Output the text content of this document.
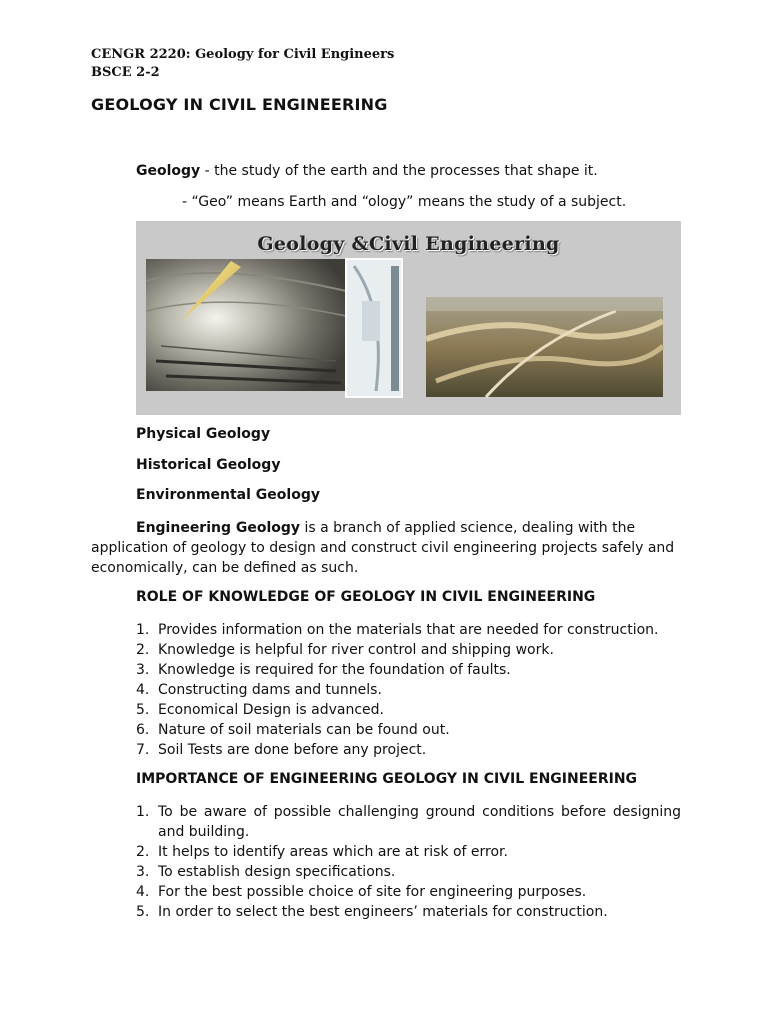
CENGR 2220: Geology for Civil Engineers
BSCE 2-2
GEOLOGY IN CIVIL ENGINEERING
Geology - the study of the earth and the processes that shape it.
- “Geo” means Earth and “ology” means the study of a subject.
Geology &Civil Engineering
Physical Geology
Historical Geology
Environmental Geology
Engineering Geology is a branch of applied science, dealing with the application of geology to design and construct civil engineering projects safely and economically, can be defined as such.
ROLE OF KNOWLEDGE OF GEOLOGY IN CIVIL ENGINEERING
1. Provides information on the materials that are needed for construction.
2. Knowledge is helpful for river control and shipping work.
3. Knowledge is required for the foundation of faults.
4. Constructing dams and tunnels.
5. Economical Design is advanced.
6. Nature of soil materials can be found out.
7. Soil Tests are done before any project.
IMPORTANCE OF ENGINEERING GEOLOGY IN CIVIL ENGINEERING
1. To be aware of possible challenging ground conditions before designing and building.
2. It helps to identify areas which are at risk of error.
3. To establish design specifications.
4. For the best possible choice of site for engineering purposes.
5. In order to select the best engineers’ materials for construction.
